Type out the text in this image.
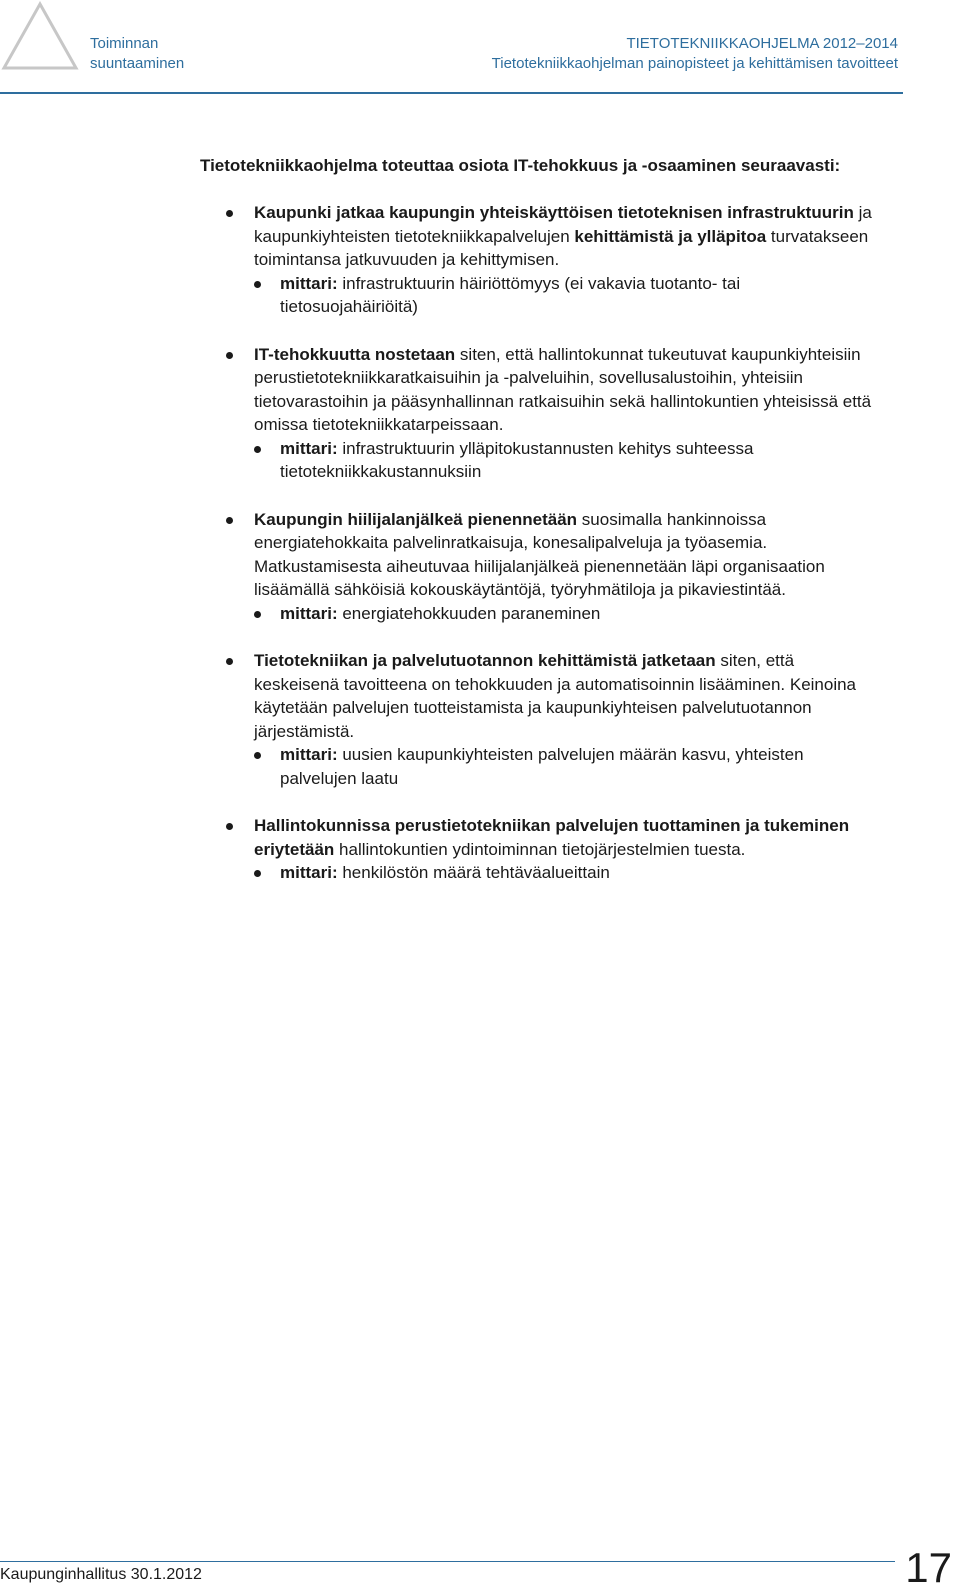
Toiminnan
suuntaaminen
TIETOTEKNIIKKAOHJELMA 2012–2014
Tietotekniikkaohjelman painopisteet ja kehittämisen tavoitteet

Tietotekniikkaohjelma toteuttaa osiota IT-tehokkuus ja -osaaminen seuraavasti:

Kaupunki jatkaa kaupungin yhteiskäyttöisen tietoteknisen infrastruktuurin ja kaupunkiyhteisten tietotekniikkapalvelujen kehittämistä ja ylläpitoa turvatakseen toimintansa jatkuvuuden ja kehittymisen.
mittari: infrastruktuurin häiriöttömyys (ei vakavia tuotanto- tai tietosuojahäiriöitä)
IT-tehokkuutta nostetaan siten, että hallintokunnat tukeutuvat kaupunkiyhteisiin perustietotekniikkaratkaisuihin ja -palveluihin, sovellusalustoihin, yhteisiin tietovarastoihin ja pääsynhallinnan ratkaisuihin sekä hallintokuntien yhteisissä että omissa tietotekniikkatarpeissaan.
mittari: infrastruktuurin ylläpitokustannusten kehitys suhteessa tietotekniikkakustannuksiin
Kaupungin hiilijalanjälkeä pienennetään suosimalla hankinnoissa energiatehokkaita palvelinratkaisuja, konesalipalveluja ja työasemia. Matkustamisesta aiheutuvaa hiilijalanjälkeä pienennetään läpi organisaation lisäämällä sähköisiä kokouskäytäntöjä, työryhmätiloja ja pikaviestintää.
mittari: energiatehokkuuden paraneminen
Tietotekniikan ja palvelutuotannon kehittämistä jatketaan siten, että keskeisenä tavoitteena on tehokkuuden ja automatisoinnin lisääminen. Keinoina käytetään palvelujen tuotteistamista ja kaupunkiyhteisen palvelutuotannon järjestämistä.
mittari: uusien kaupunkiyhteisten palvelujen määrän kasvu, yhteisten palvelujen laatu
Hallintokunnissa perustietotekniikan palvelujen tuottaminen ja tukeminen eriytetään hallintokuntien ydintoiminnan tietojärjestelmien tuesta.
mittari: henkilöstön määrä tehtäväalueittain
Kaupunginhallitus 30.1.2012	17
